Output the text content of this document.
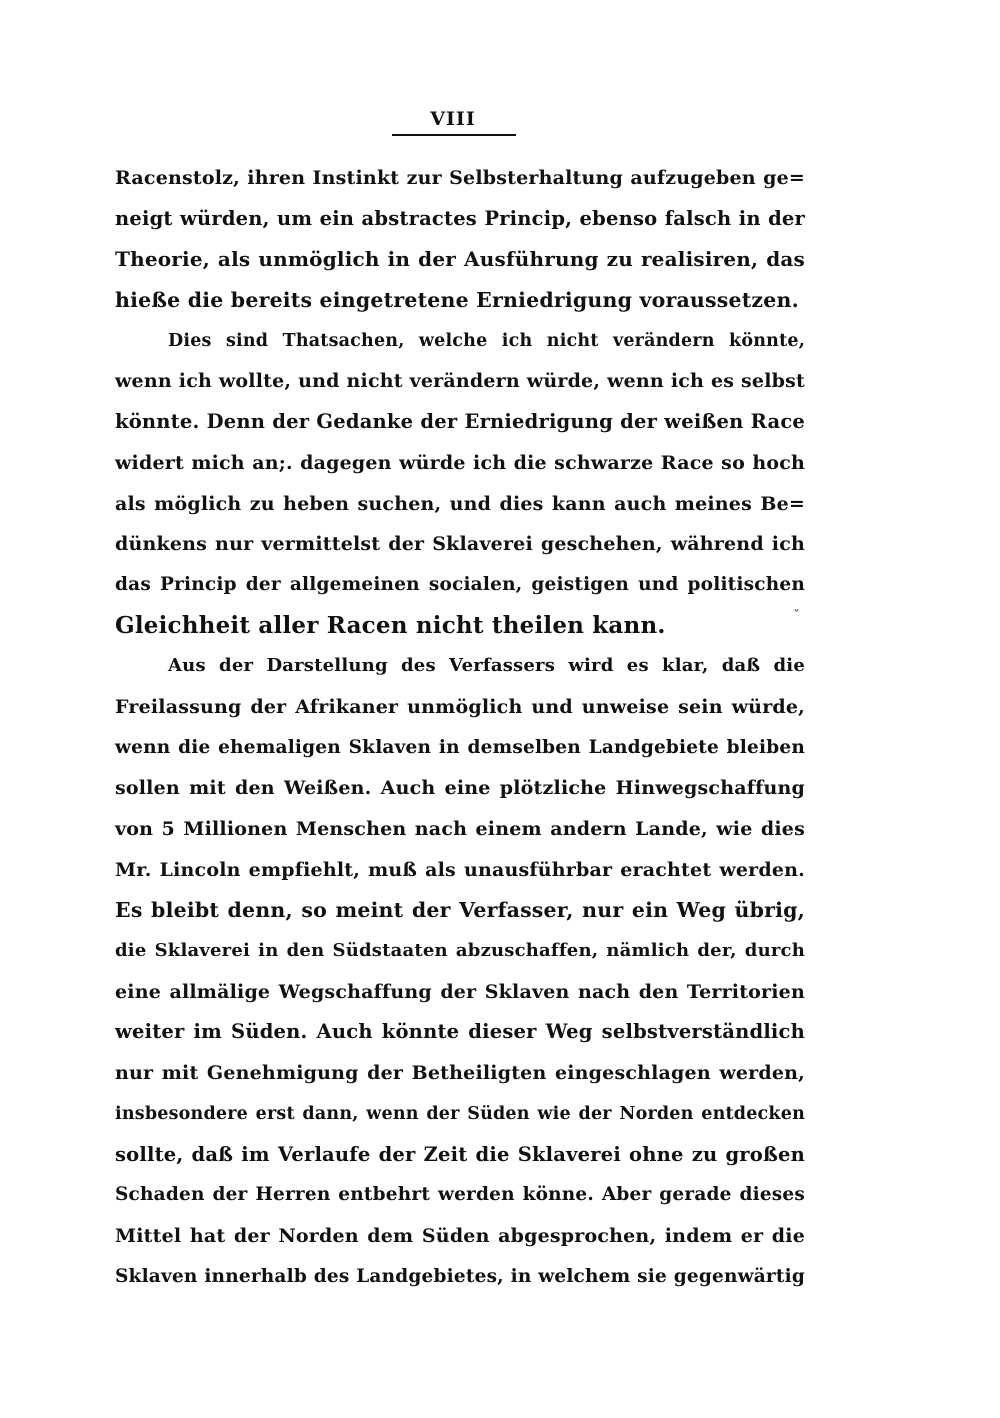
VIII
Racenstolz, ihren Instinkt zur Selbsterhaltung aufzugeben ge=
neigt würden, um ein abstractes Princip, ebenso falsch in der
Theorie, als unmöglich in der Ausführung zu realisiren, das
hieße die bereits eingetretene Erniedrigung voraussetzen.
Dies sind Thatsachen, welche ich nicht verändern könnte,
wenn ich wollte, und nicht verändern würde, wenn ich es selbst
könnte. Denn der Gedanke der Erniedrigung der weißen Race
widert mich an;. dagegen würde ich die schwarze Race so hoch
als möglich zu heben suchen, und dies kann auch meines Be=
dünkens nur vermittelst der Sklaverei geschehen, während ich
das Princip der allgemeinen socialen, geistigen und politischen
Gleichheit aller Racen nicht theilen kann.
Aus der Darstellung des Verfassers wird es klar, daß die
Freilassung der Afrikaner unmöglich und unweise sein würde,
wenn die ehemaligen Sklaven in demselben Landgebiete bleiben
sollen mit den Weißen. Auch eine plötzliche Hinwegschaffung
von 5 Millionen Menschen nach einem andern Lande, wie dies
Mr. Lincoln empfiehlt, muß als unausführbar erachtet werden.
Es bleibt denn, so meint der Verfasser, nur ein Weg übrig,
die Sklaverei in den Südstaaten abzuschaffen, nämlich der, durch
eine allmälige Wegschaffung der Sklaven nach den Territorien
weiter im Süden. Auch könnte dieser Weg selbstverständlich
nur mit Genehmigung der Betheiligten eingeschlagen werden,
insbesondere erst dann, wenn der Süden wie der Norden entdecken
sollte, daß im Verlaufe der Zeit die Sklaverei ohne zu großen
Schaden der Herren entbehrt werden könne. Aber gerade dieses
Mittel hat der Norden dem Süden abgesprochen, indem er die
Sklaven innerhalb des Landgebietes, in welchem sie gegenwärtig
ˇ
